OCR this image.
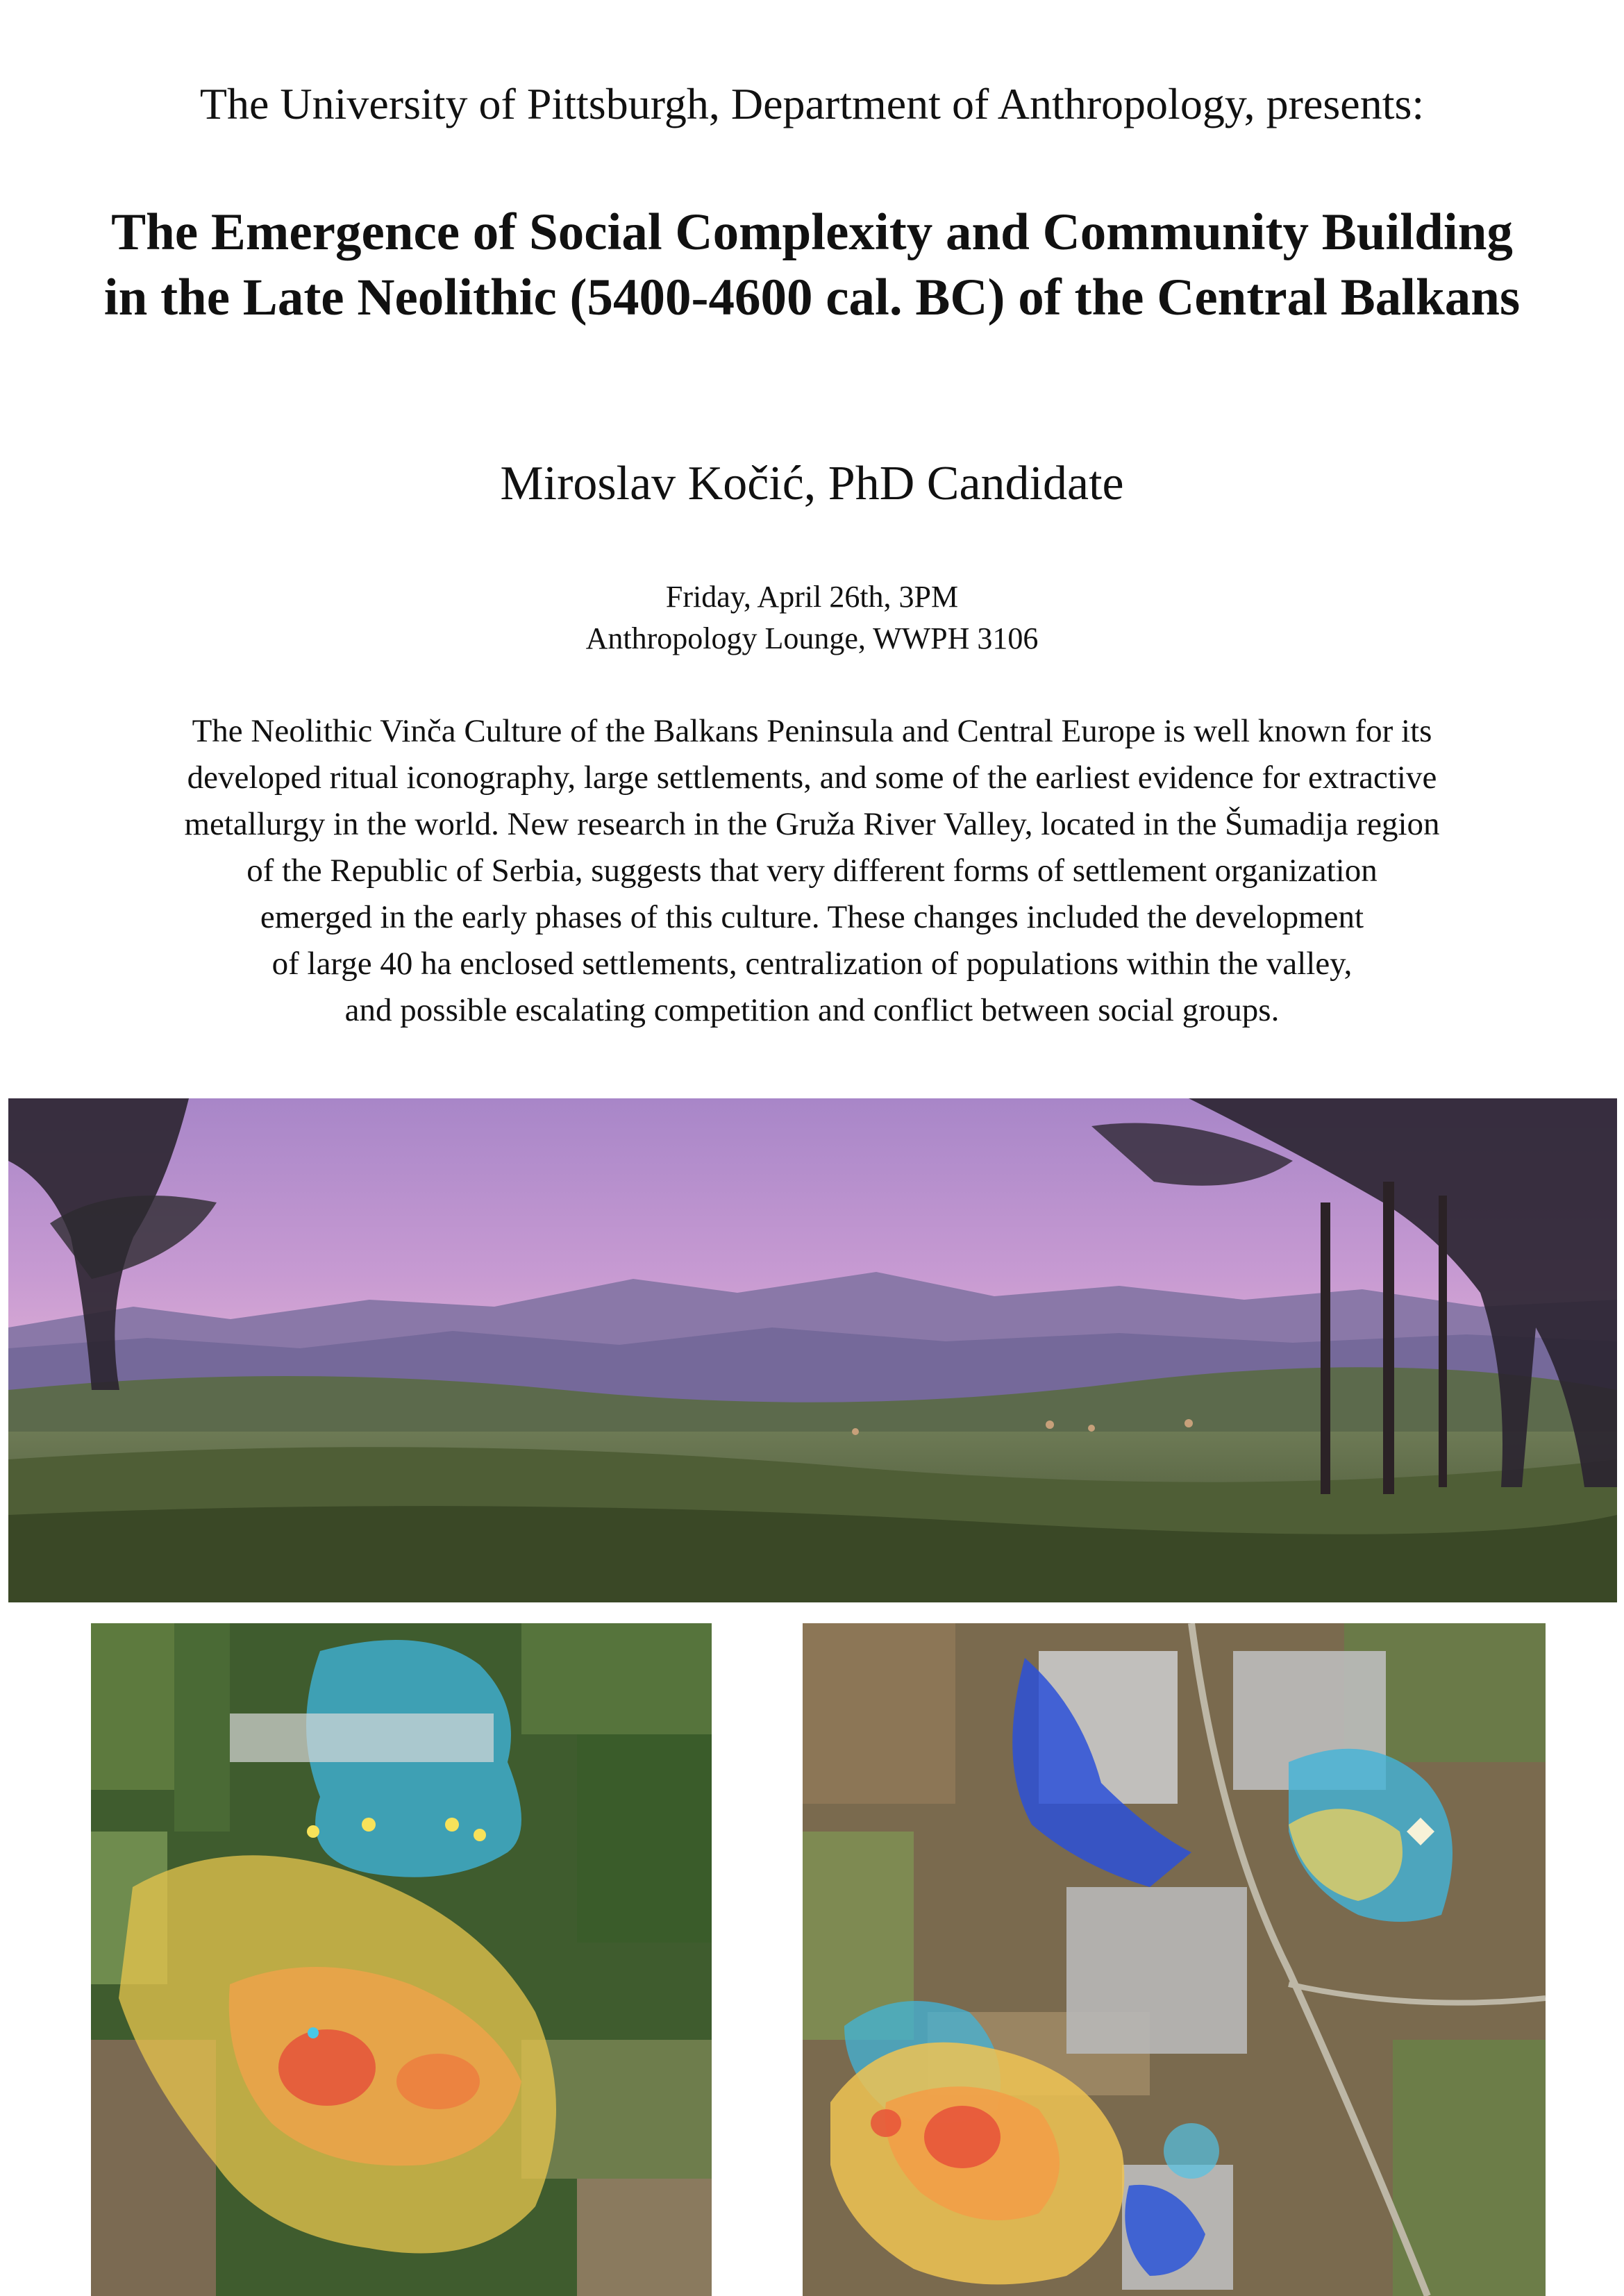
The University of Pittsburgh, Department of Anthropology, presents:
The Emergence of Social Complexity and Community Building
in the Late Neolithic (5400-4600 cal. BC) of the Central Balkans
Miroslav Kočić, PhD Candidate
Friday, April 26th, 3PM
Anthropology Lounge, WWPH 3106
The Neolithic Vinča Culture of the Balkans Peninsula and Central Europe is well known for its
developed ritual iconography, large settlements, and some of the earliest evidence for extractive
metallurgy in the world. New research in the Gruža River Valley, located in the Šumadija region
of the Republic of Serbia, suggests that very different forms of settlement organization
emerged in the early phases of this culture. These changes included the development
of large 40 ha enclosed settlements, centralization of populations within the valley,
and possible escalating competition and conflict between social groups.
